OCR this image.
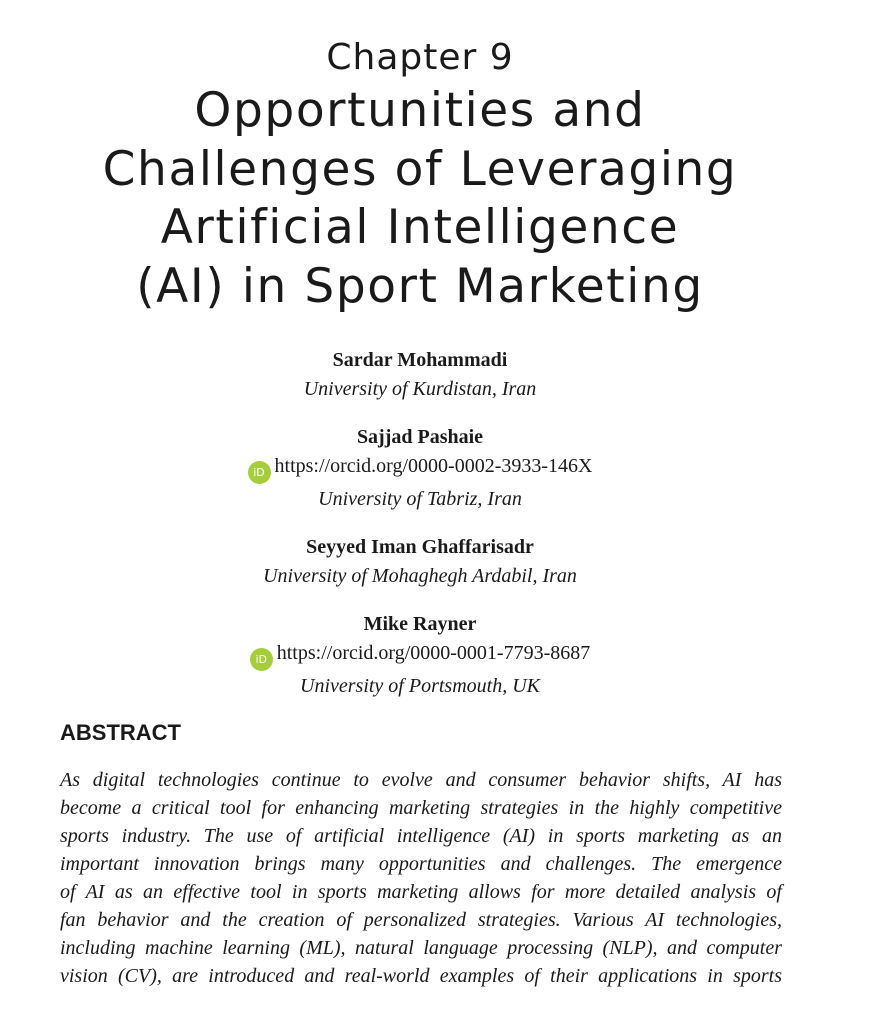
Chapter 9
Opportunities and
Challenges of Leveraging
Artificial Intelligence
(AI) in Sport Marketing
Sardar Mohammadi
University of Kurdistan, Iran
Sajjad Pashaie
iD https://orcid.org/0000-0002-3933-146X
University of Tabriz, Iran
Seyyed Iman Ghaffarisadr
University of Mohaghegh Ardabil, Iran
Mike Rayner
iD https://orcid.org/0000-0001-7793-8687
University of Portsmouth, UK
ABSTRACT
As digital technologies continue to evolve and consumer behavior shifts, AI has
become a critical tool for enhancing marketing strategies in the highly competitive
sports industry. The use of artificial intelligence (AI) in sports marketing as an
important innovation brings many opportunities and challenges. The emergence
of AI as an effective tool in sports marketing allows for more detailed analysis of
fan behavior and the creation of personalized strategies. Various AI technologies,
including machine learning (ML), natural language processing (NLP), and computer
vision (CV), are introduced and real-world examples of their applications in sports
